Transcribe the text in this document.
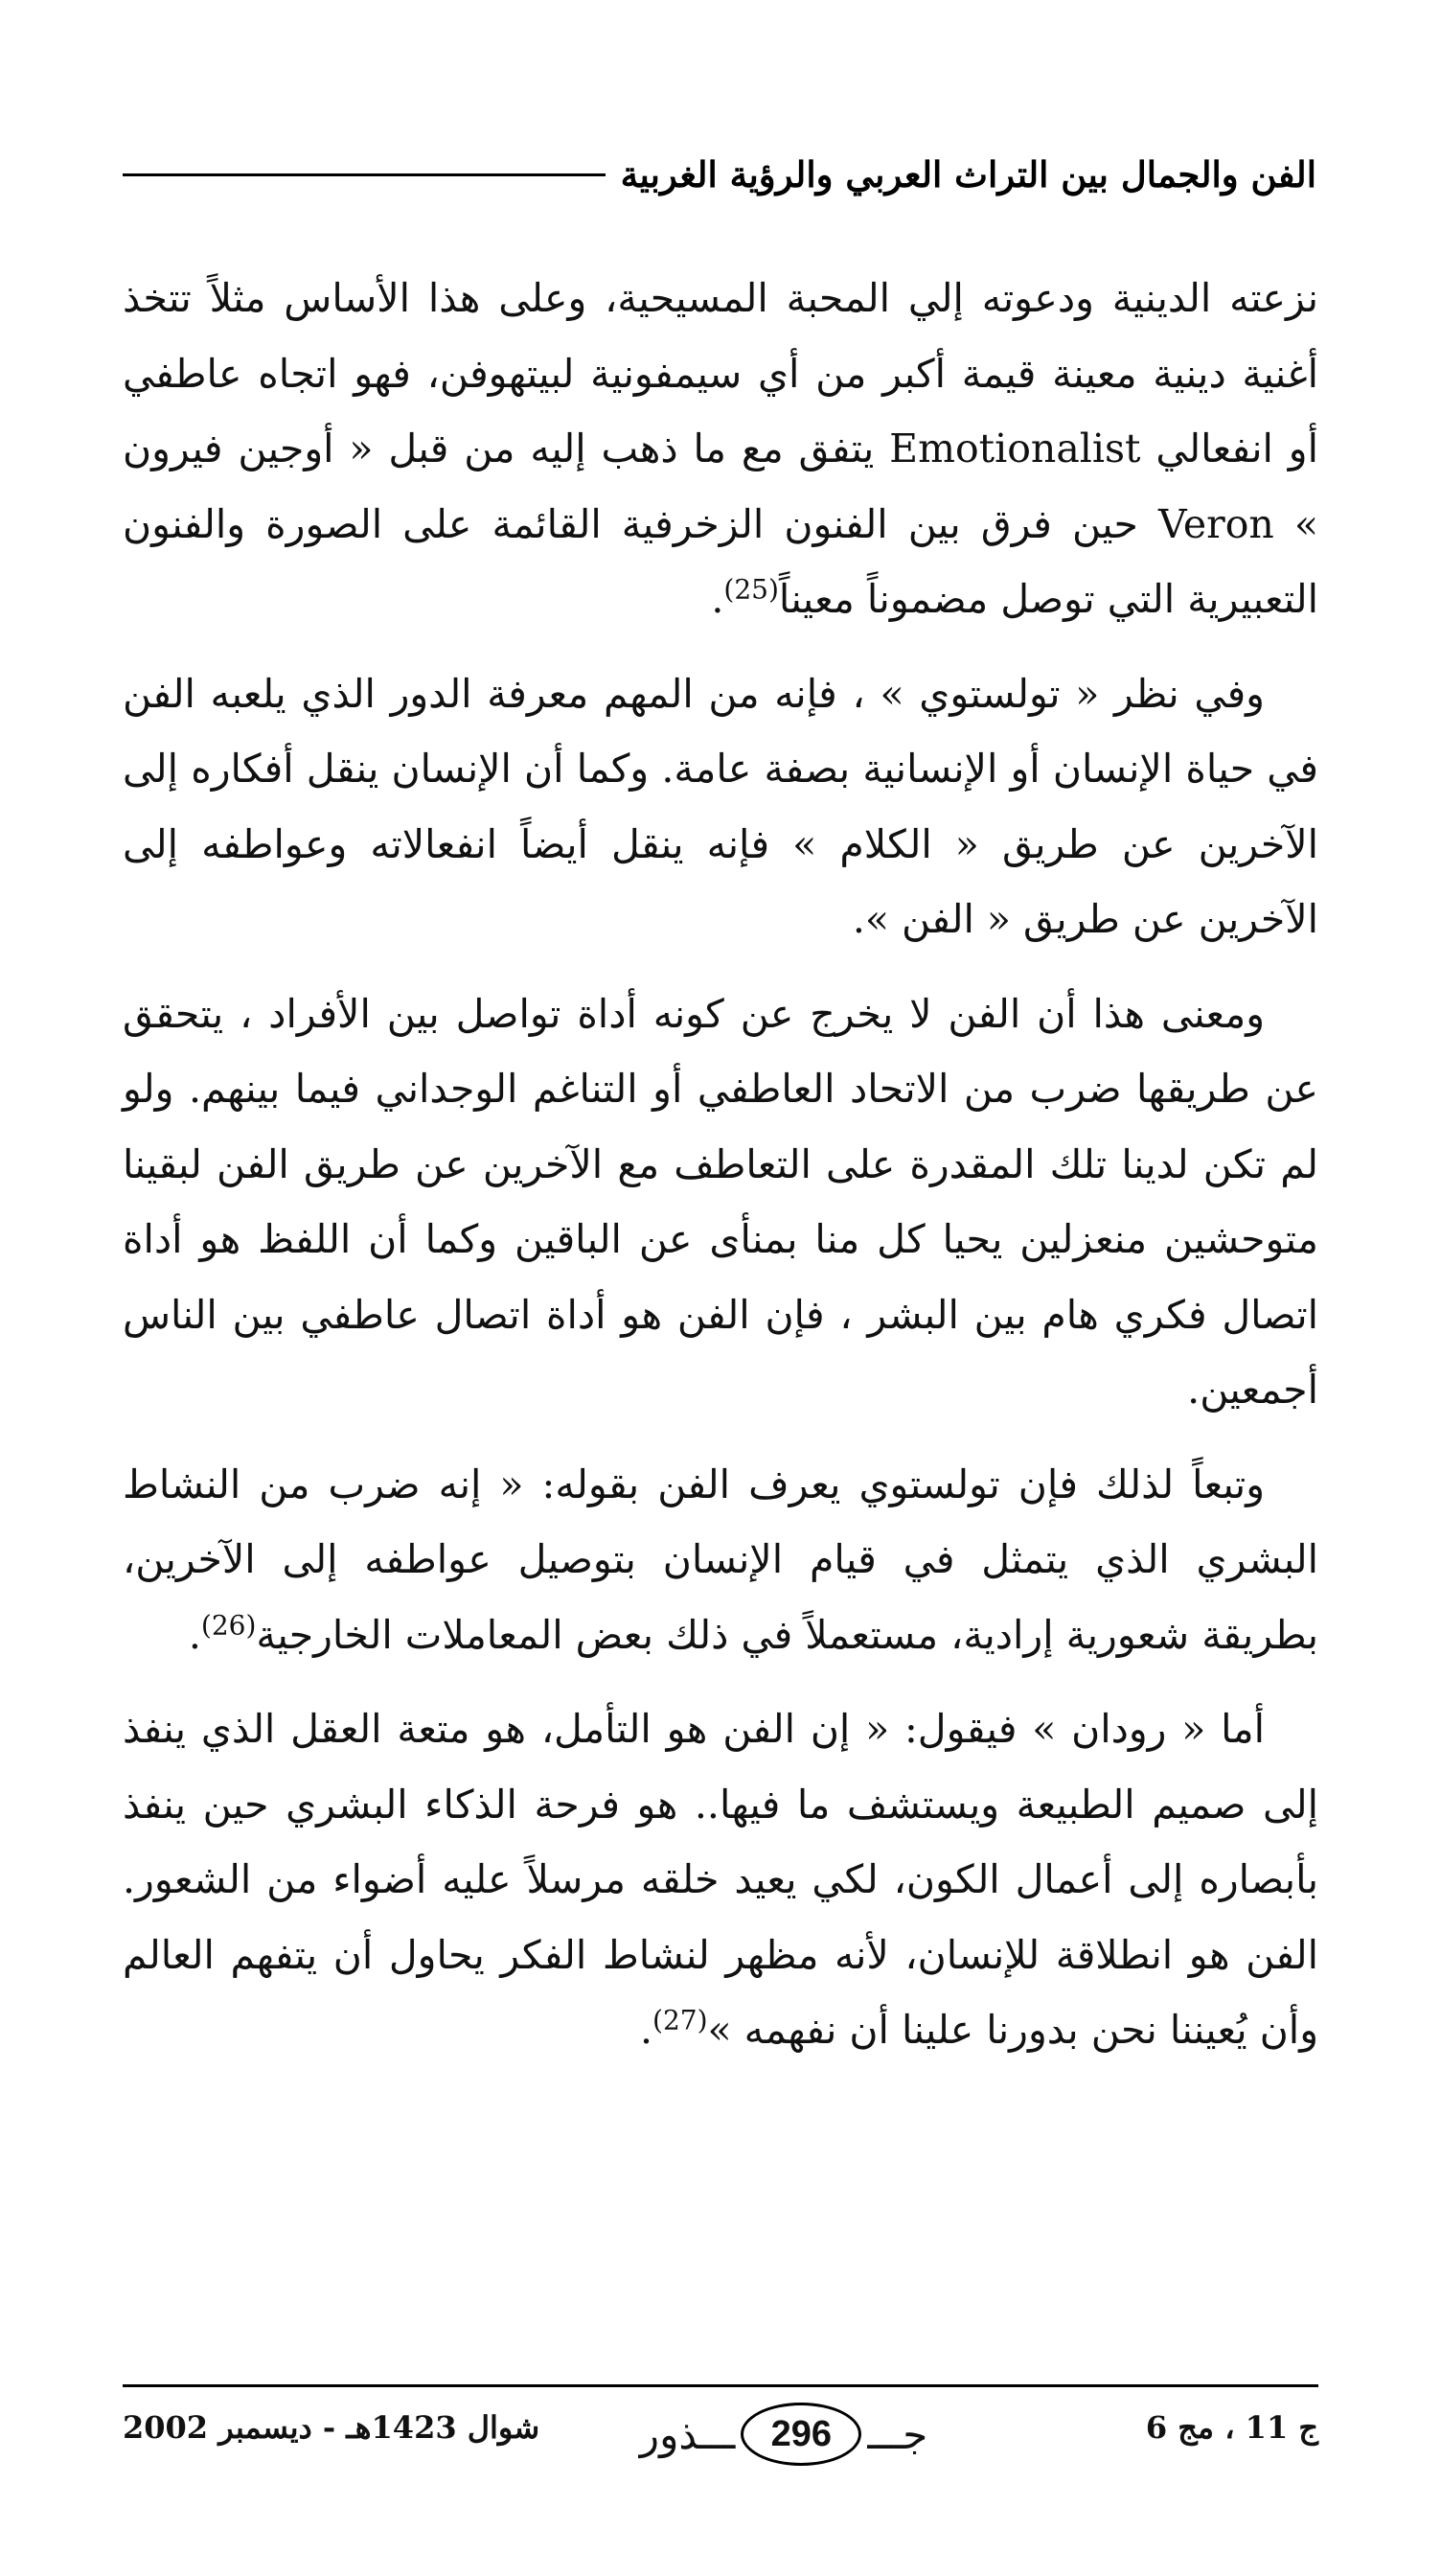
الفن والجمال بين التراث العربي والرؤية الغربية

نزعته الدينية ودعوته إلي المحبة المسيحية، وعلى هذا الأساس مثلاً تتخذ أغنية دينية معينة قيمة أكبر من أي سيمفونية لبيتهوفن، فهو اتجاه عاطفي أو انفعالي Emotionalist يتفق مع ما ذهب إليه من قبل « أوجين فيرون » Veron حين فرق بين الفنون الزخرفية القائمة على الصورة والفنون التعبيرية التي توصل مضموناً معيناً$^{(25)}$.

وفي نظر « تولستوي » ، فإنه من المهم معرفة الدور الذي يلعبه الفن في حياة الإنسان أو الإنسانية بصفة عامة. وكما أن الإنسان ينقل أفكاره إلى الآخرين عن طريق « الكلام » فإنه ينقل أيضاً انفعالاته وعواطفه إلى الآخرين عن طريق « الفن ».

ومعنى هذا أن الفن لا يخرج عن كونه أداة تواصل بين الأفراد ، يتحقق عن طريقها ضرب من الاتحاد العاطفي أو التناغم الوجداني فيما بينهم. ولو لم تكن لدينا تلك المقدرة على التعاطف مع الآخرين عن طريق الفن لبقينا متوحشين منعزلين يحيا كل منا بمنأى عن الباقين وكما أن اللفظ هو أداة اتصال فكري هام بين البشر ، فإن الفن هو أداة اتصال عاطفي بين الناس أجمعين.

وتبعاً لذلك فإن تولستوي يعرف الفن بقوله: « إنه ضرب من النشاط البشري الذي يتمثل في قيام الإنسان بتوصيل عواطفه إلى الآخرين، بطريقة شعورية إرادية، مستعملاً في ذلك بعض المعاملات الخارجية$^{(26)}$.

أما « رودان » فيقول: « إن الفن هو التأمل، هو متعة العقل الذي ينفذ إلى صميم الطبيعة ويستشف ما فيها.. هو فرحة الذكاء البشري حين ينفذ بأبصاره إلى أعمال الكون، لكي يعيد خلقه مرسلاً عليه أضواء من الشعور. الفن هو انطلاقة للإنسان، لأنه مظهر لنشاط الفكر يحاول أن يتفهم العالم وأن يُعيننا نحن بدورنا علينا أن نفهمه »$^{(27)}$.

شوال 1423هـ - ديسمبر 2002 ـــذور 296 جـــ	ج 11 ، مج 6
